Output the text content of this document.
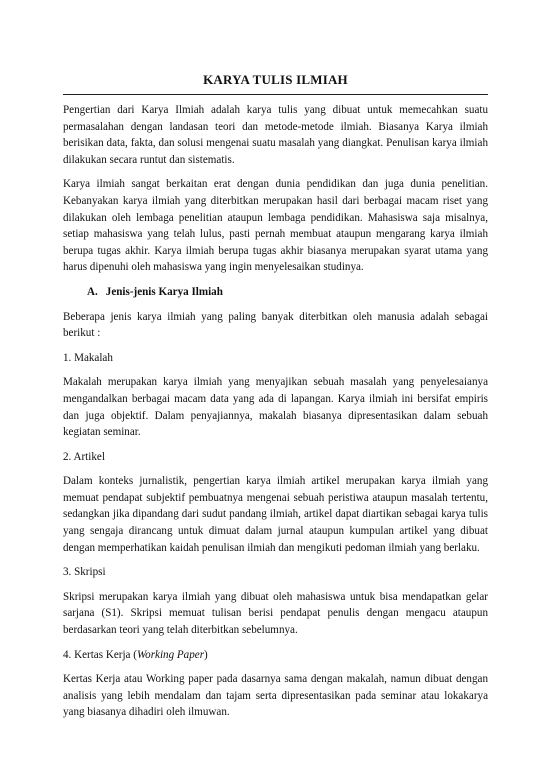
KARYA TULIS ILMIAH

Pengertian dari Karya Ilmiah adalah karya tulis yang dibuat untuk memecahkan suatu permasalahan dengan landasan teori dan metode-metode ilmiah. Biasanya Karya ilmiah berisikan data, fakta, dan solusi mengenai suatu masalah yang diangkat. Penulisan karya ilmiah dilakukan secara runtut dan sistematis.

Karya ilmiah sangat berkaitan erat dengan dunia pendidikan dan juga dunia penelitian. Kebanyakan karya ilmiah yang diterbitkan merupakan hasil dari berbagai macam riset yang dilakukan oleh lembaga penelitian ataupun lembaga pendidikan. Mahasiswa saja misalnya, setiap mahasiswa yang telah lulus, pasti pernah membuat ataupun mengarang karya ilmiah berupa tugas akhir. Karya ilmiah berupa tugas akhir biasanya merupakan syarat utama yang harus dipenuhi oleh mahasiswa yang ingin menyelesaikan studinya.

A. Jenis-jenis Karya Ilmiah

Beberapa jenis karya ilmiah yang paling banyak diterbitkan oleh manusia adalah sebagai berikut :

1. Makalah

Makalah merupakan karya ilmiah yang menyajikan sebuah masalah yang penyelesaianya mengandalkan berbagai macam data yang ada di lapangan. Karya ilmiah ini bersifat empiris dan juga objektif. Dalam penyajiannya, makalah biasanya dipresentasikan dalam sebuah kegiatan seminar.

2. Artikel

Dalam konteks jurnalistik, pengertian karya ilmiah artikel merupakan karya ilmiah yang memuat pendapat subjektif pembuatnya mengenai sebuah peristiwa ataupun masalah tertentu, sedangkan jika dipandang dari sudut pandang ilmiah, artikel dapat diartikan sebagai karya tulis yang sengaja dirancang untuk dimuat dalam jurnal ataupun kumpulan artikel yang dibuat dengan memperhatikan kaidah penulisan ilmiah dan mengikuti pedoman ilmiah yang berlaku.

3. Skripsi

Skripsi merupakan karya ilmiah yang dibuat oleh mahasiswa untuk bisa mendapatkan gelar sarjana (S1). Skripsi memuat tulisan berisi pendapat penulis dengan mengacu ataupun berdasarkan teori yang telah diterbitkan sebelumnya.

4. Kertas Kerja (Working Paper)

Kertas Kerja atau Working paper pada dasarnya sama dengan makalah, namun dibuat dengan analisis yang lebih mendalam dan tajam serta dipresentasikan pada seminar atau lokakarya yang biasanya dihadiri oleh ilmuwan.
